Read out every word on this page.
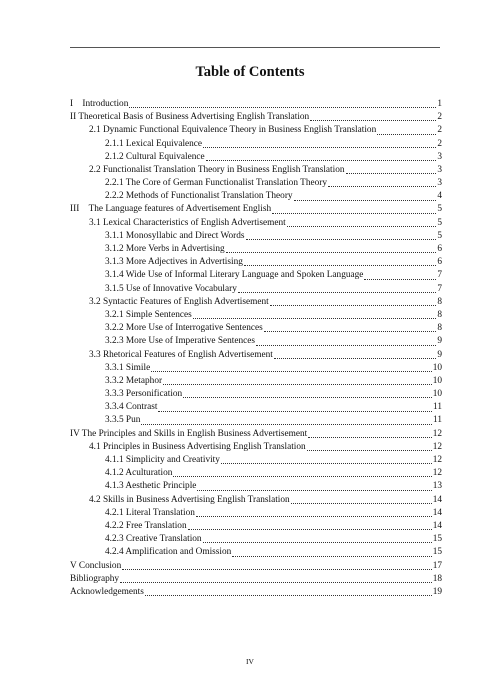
Table of Contents
I Introduction	1
II Theoretical Basis of Business Advertising English Translation	2
2.1 Dynamic Functional Equivalence Theory in Business English Translation	2
2.1.1 Lexical Equivalence	2
2.1.2 Cultural Equivalence	3
2.2 Functionalist Translation Theory in Business English Translation	3
2.2.1 The Core of German Functionalist Translation Theory	3
2.2.2 Methods of Functionalist Translation Theory	4
III The Language features of Advertisement English	5
3.1 Lexical Characteristics of English Advertisement	5
3.1.1 Monosyllabic and Direct Words	5
3.1.2 More Verbs in Advertising	6
3.1.3 More Adjectives in Advertising	6
3.1.4 Wide Use of Informal Literary Language and Spoken Language	7
3.1.5 Use of Innovative Vocabulary	7
3.2 Syntactic Features of English Advertisement	8
3.2.1 Simple Sentences	8
3.2.2 More Use of Interrogative Sentences	8
3.2.3 More Use of Imperative Sentences	9
3.3 Rhetorical Features of English Advertisement	9
3.3.1 Simile	10
3.3.2 Metaphor	10
3.3.3 Personification	10
3.3.4 Contrast	11
3.3.5 Pun	11
IV The Principles and Skills in English Business Advertisement	12
4.1 Principles in Business Advertising English Translation	12
4.1.1 Simplicity and Creativity	12
4.1.2 Aculturation	12
4.1.3 Aesthetic Principle	13
4.2 Skills in Business Advertising English Translation	14
4.2.1 Literal Translation	14
4.2.2 Free Translation	14
4.2.3 Creative Translation	15
4.2.4 Amplification and Omission	15
V Conclusion	17
Bibliography	18
Acknowledgements	19
IV
